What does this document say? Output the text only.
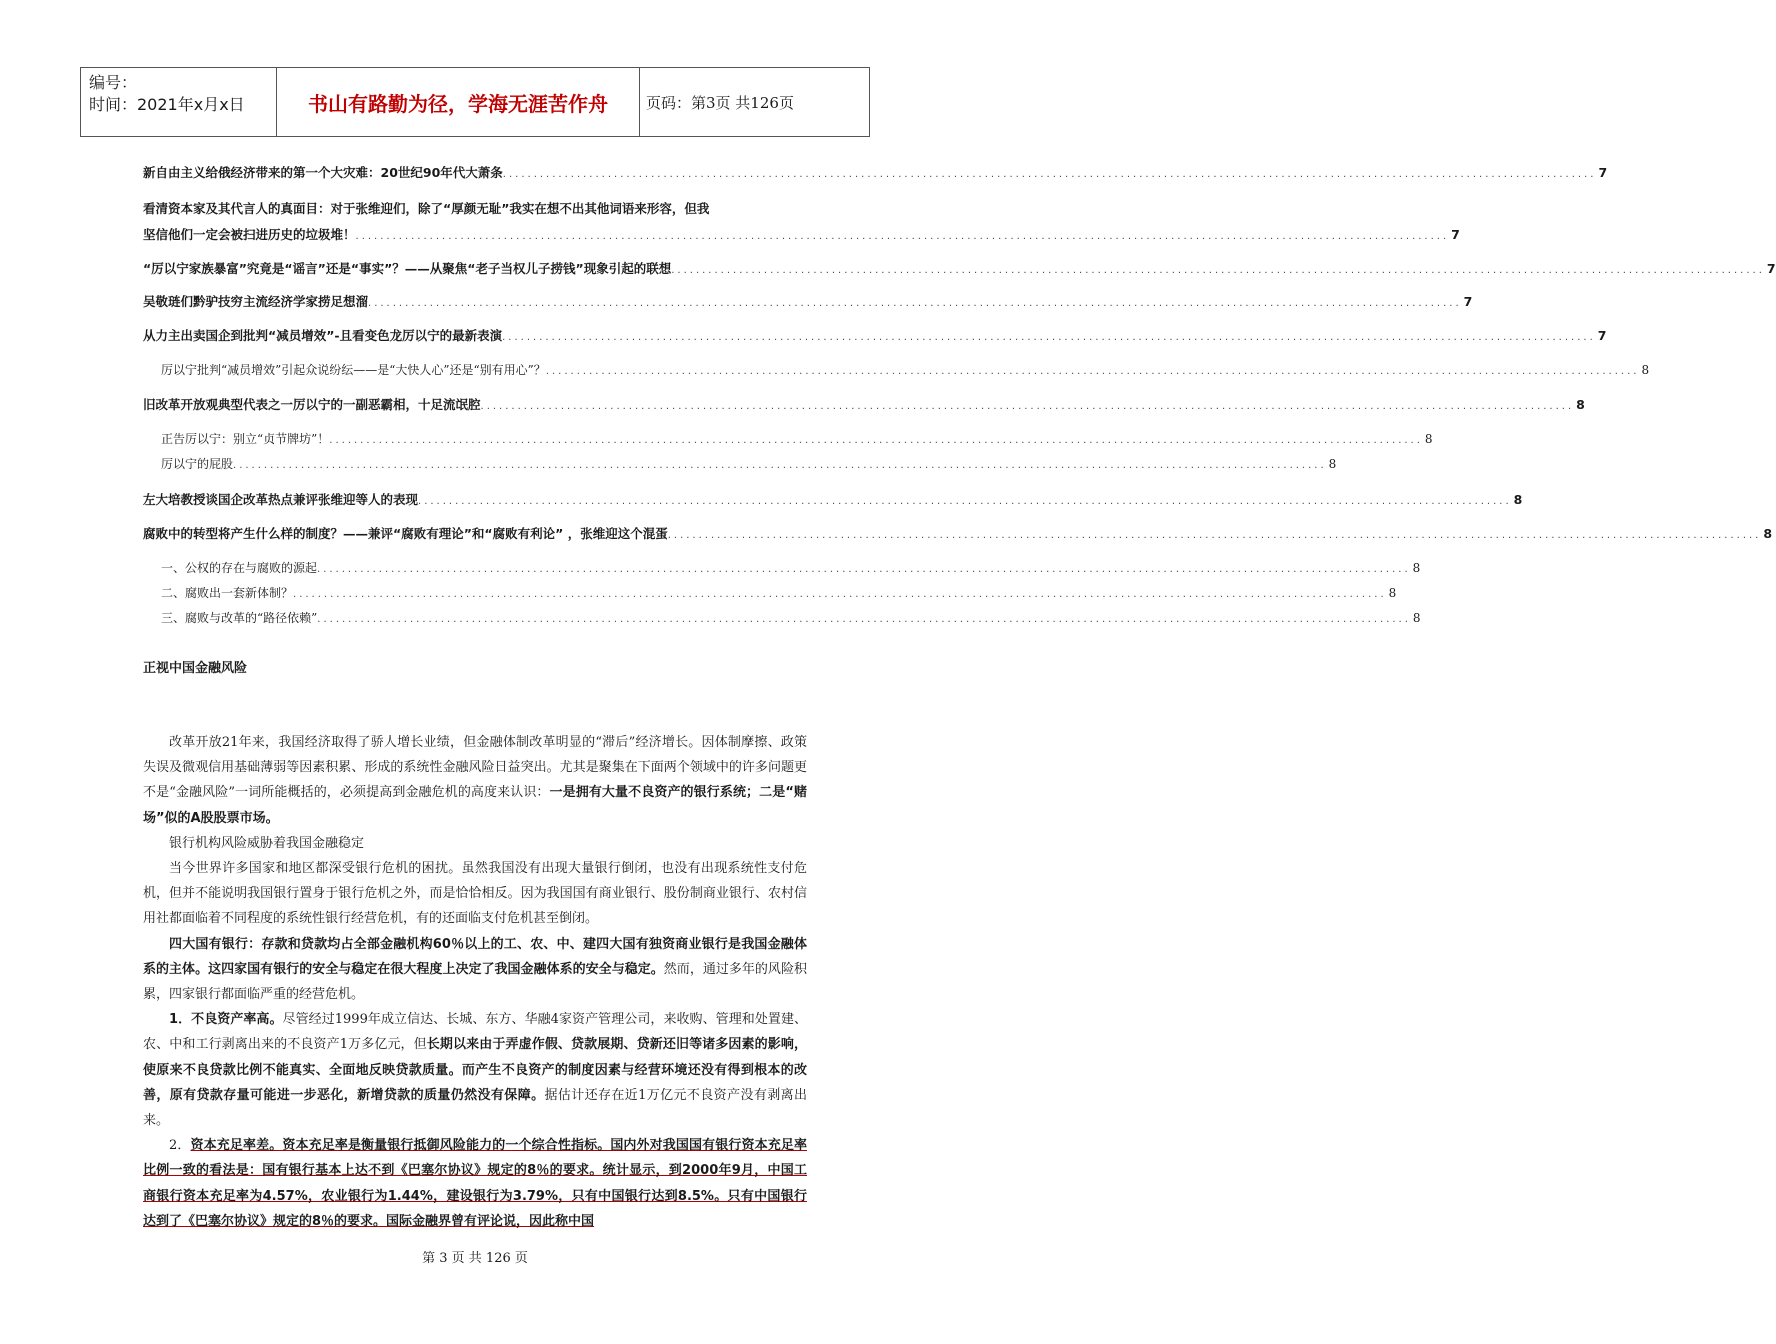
编号：
时间：2021年x月x日	书山有路勤为径，学海无涯苦作舟	页码：第3页 共126页
新自由主义给俄经济带来的第一个大灾难：20世纪90年代大萧条 ................................................................................................................................................................................. 7
看清资本家及其代言人的真面目：对于张维迎们，除了“厚颜无耻”我实在想不出其他词语来形容，但我
坚信他们一定会被扫进历史的垃圾堆！ ................................................................................................................................................................................. 7
“厉以宁家族暴富”究竟是“谣言”还是“事实”？——从聚焦“老子当权儿子捞钱”现象引起的联想 ................................................................................................................................................................................. 7
吴敬琏们黔驴技穷主流经济学家捞足想溜 ................................................................................................................................................................................. 7
从力主出卖国企到批判“减员增效”-且看变色龙厉以宁的最新表演 ................................................................................................................................................................................. 7
厉以宁批判“减员增效”引起众说纷纭——是“大快人心”还是“别有用心”？ ................................................................................................................................................................................. 8
旧改革开放观典型代表之一厉以宁的一副恶霸相，十足流氓腔 ................................................................................................................................................................................. 8
正告厉以宁：别立“贞节牌坊”！ ................................................................................................................................................................................. 8
厉以宁的屁股 ................................................................................................................................................................................. 8
左大培教授谈国企改革热点兼评张维迎等人的表现 ................................................................................................................................................................................. 8
腐败中的转型将产生什么样的制度？——兼评“腐败有理论”和“腐败有利论” ，张维迎这个混蛋 ................................................................................................................................................................................. 8
一、公权的存在与腐败的源起 ................................................................................................................................................................................. 8
二、腐败出一套新体制？ ................................................................................................................................................................................. 8
三、腐败与改革的“路径依赖” ................................................................................................................................................................................. 8
正视中国金融风险

改革开放21年来，我国经济取得了骄人增长业绩，但金融体制改革明显的“滞后”经济增长。因体制摩擦、政策失误及微观信用基础薄弱等因素积累、形成的系统性金融风险日益突出。尤其是聚集在下面两个领域中的许多问题更不是“金融风险”一词所能概括的，必须提高到金融危机的高度来认识：一是拥有大量不良资产的银行系统；二是“赌场”似的A股股票市场。

银行机构风险威胁着我国金融稳定

当今世界许多国家和地区都深受银行危机的困扰。虽然我国没有出现大量银行倒闭，也没有出现系统性支付危机，但并不能说明我国银行置身于银行危机之外，而是恰恰相反。因为我国国有商业银行、股份制商业银行、农村信用社都面临着不同程度的系统性银行经营危机，有的还面临支付危机甚至倒闭。

四大国有银行：存款和贷款均占全部金融机构60％以上的工、农、中、建四大国有独资商业银行是我国金融体系的主体。这四家国有银行的安全与稳定在很大程度上决定了我国金融体系的安全与稳定。然而，通过多年的风险积累，四家银行都面临严重的经营危机。

1．不良资产率高。尽管经过1999年成立信达、长城、东方、华融4家资产管理公司，来收购、管理和处置建、农、中和工行剥离出来的不良资产1万多亿元，但长期以来由于弄虚作假、贷款展期、贷新还旧等诸多因素的影响，使原来不良贷款比例不能真实、全面地反映贷款质量。而产生不良资产的制度因素与经营环境还没有得到根本的改善，原有贷款存量可能进一步恶化，新增贷款的质量仍然没有保障。据估计还存在近1万亿元不良资产没有剥离出来。

2．资本充足率差。资本充足率是衡量银行抵御风险能力的一个综合性指标。国内外对我国国有银行资本充足率比例一致的看法是：国有银行基本上达不到《巴塞尔协议》规定的8％的要求。统计显示，到2000年9月，中国工商银行资本充足率为4.57%，农业银行为1.44%，建设银行为3.79%，只有中国银行达到8.5%。只有中国银行达到了《巴塞尔协议》规定的8％的要求。国际金融界曾有评论说，因此称中国

第 3 页 共 126 页
